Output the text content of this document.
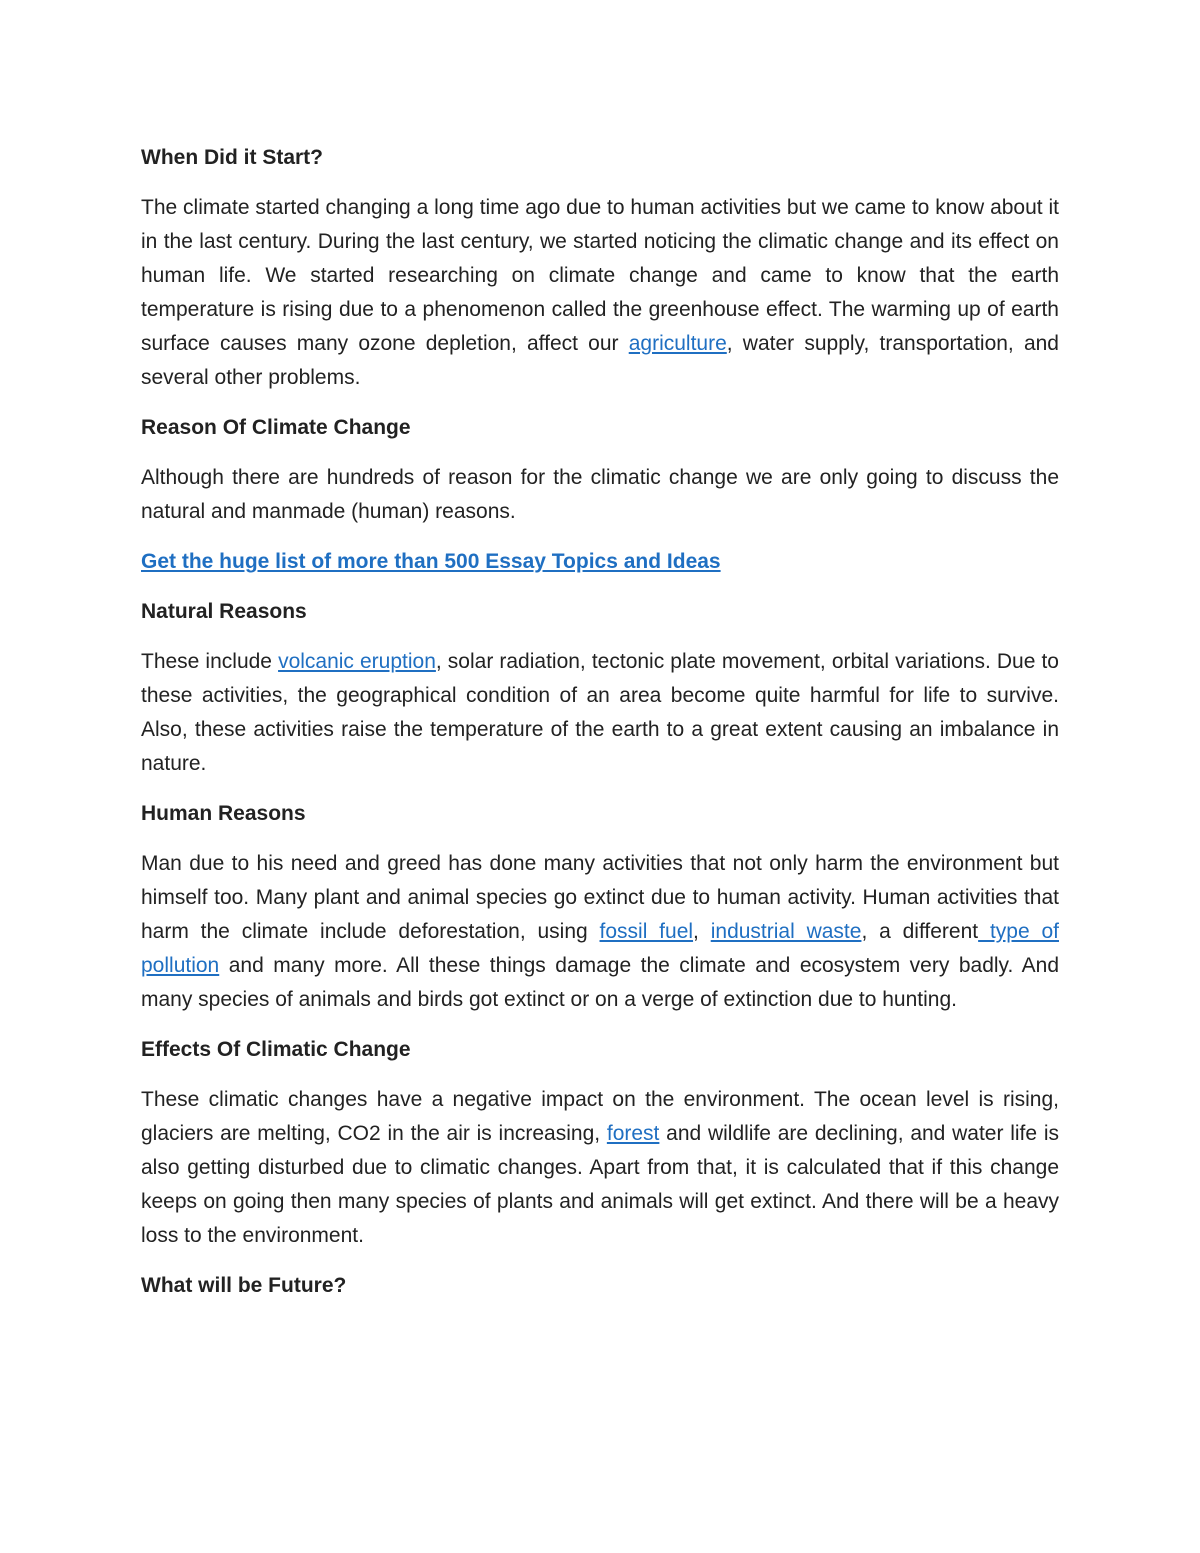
When Did it Start?

The climate started changing a long time ago due to human activities but we came to know about it in the last century. During the last century, we started noticing the climatic change and its effect on human life. We started researching on climate change and came to know that the earth temperature is rising due to a phenomenon called the greenhouse effect. The warming up of earth surface causes many ozone depletion, affect our agriculture, water supply, transportation, and several other problems.

Reason Of Climate Change

Although there are hundreds of reason for the climatic change we are only going to discuss the natural and manmade (human) reasons.

Get the huge list of more than 500 Essay Topics and Ideas
Natural Reasons

These include volcanic eruption, solar radiation, tectonic plate movement, orbital variations. Due to these activities, the geographical condition of an area become quite harmful for life to survive. Also, these activities raise the temperature of the earth to a great extent causing an imbalance in nature.

Human Reasons

Man due to his need and greed has done many activities that not only harm the environment but himself too. Many plant and animal species go extinct due to human activity. Human activities that harm the climate include deforestation, using fossil fuel, industrial waste, a different type of pollution and many more. All these things damage the climate and ecosystem very badly. And many species of animals and birds got extinct or on a verge of extinction due to hunting.

Effects Of Climatic Change

These climatic changes have a negative impact on the environment. The ocean level is rising, glaciers are melting, CO2 in the air is increasing, forest and wildlife are declining, and water life is also getting disturbed due to climatic changes. Apart from that, it is calculated that if this change keeps on going then many species of plants and animals will get extinct. And there will be a heavy loss to the environment.

What will be Future?
